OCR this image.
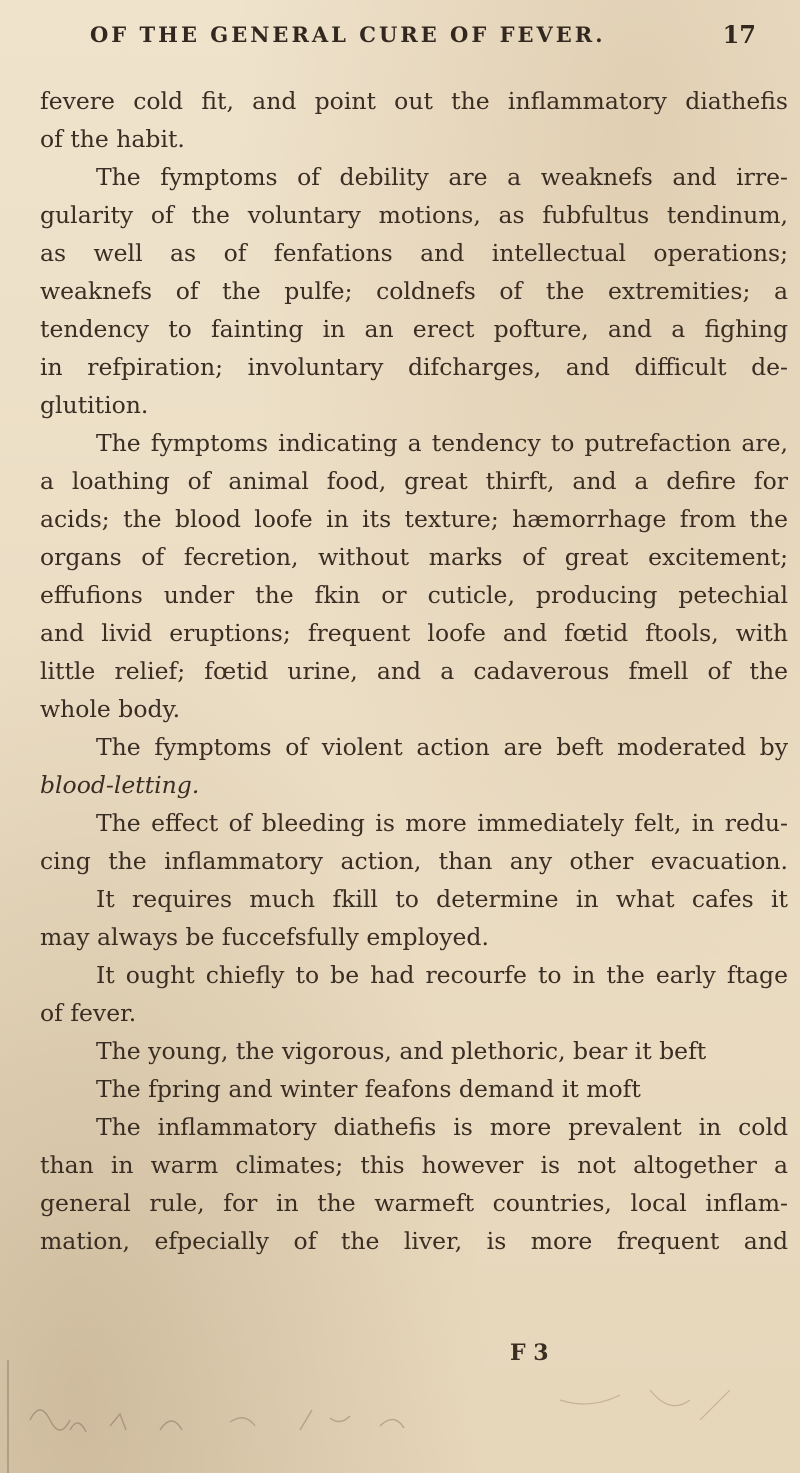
OF THE GENERAL CURE OF FEVER.	17
fevere cold fit, and point out the inflammatory diathefis
of the habit.
The fymptoms of debility are a weaknefs and irre-
gularity of the voluntary motions, as fubfultus tendinum,
as well as of fenfations and intellectual operations;
weaknefs of the pulfe; coldnefs of the extremities; a
tendency to fainting in an erect pofture, and a fighing
in refpiration; involuntary difcharges, and difficult de-
glutition.
The fymptoms indicating a tendency to putrefaction are,
a loathing of animal food, great thirft, and a defire for
acids; the blood loofe in its texture; hæmorrhage from the
organs of fecretion, without marks of great excitement;
effufions under the fkin or cuticle, producing petechial
and livid eruptions; frequent loofe and fœtid ftools, with
little relief; fœtid urine, and a cadaverous fmell of the
whole body.
The fymptoms of violent action are beft moderated by
blood-letting.
The effect of bleeding is more immediately felt, in redu-
cing the inflammatory action, than any other evacuation.
It requires much fkill to determine in what cafes it
may always be fuccefsfully employed.
It ought chiefly to be had recourfe to in the early ftage
of fever.
The young, the vigorous, and plethoric, bear it beft
The fpring and winter feafons demand it moft
The inflammatory diathefis is more prevalent in cold
than in warm climates; this however is not altogether a
general rule, for in the warmeft countries, local inflam-
mation, efpecially of the liver, is more frequent and
F 3
